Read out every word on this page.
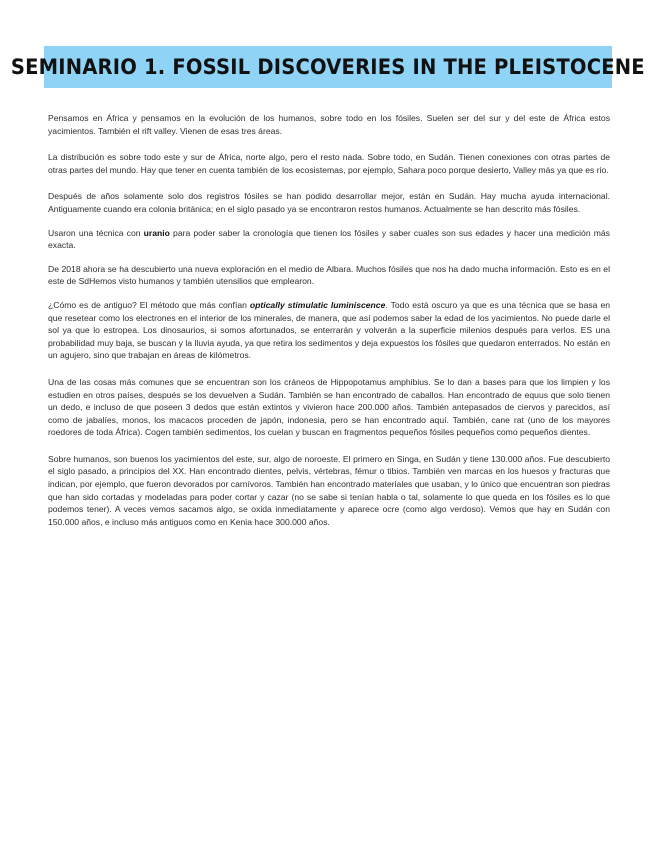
SEMINARIO 1. FOSSIL DISCOVERIES IN THE PLEISTOCENE

Pensamos en África y pensamos en la evolución de los humanos, sobre todo en los fósiles. Suelen ser del sur y del este de África estos yacimientos. También el rift valley. Vienen de esas tres áreas.

La distribución es sobre todo este y sur de África, norte algo, pero el resto nada. Sobre todo, en Sudán. Tienen conexiones con otras partes de otras partes del mundo. Hay que tener en cuenta también de los ecosistemas, por ejemplo, Sahara poco porque desierto, Valley más ya que es rio.

Después de años solamente solo dos registros fósiles se han podido desarrollar mejor, están en Sudán. Hay mucha ayuda internacional. Antiguamente cuando era colonia británica; en el siglo pasado ya se encontraron restos humanos. Actualmente se han descrito más fósiles.

Usaron una técnica con uranio para poder saber la cronología que tienen los fósiles y saber cuales son sus edades y hacer una medición más exacta.

De 2018 ahora se ha descubierto una nueva exploración en el medio de Albara. Muchos fósiles que nos ha dado mucha información. Esto es en el este de SdHemos visto humanos y también utensilios que emplearon.

¿Cómo es de antiguo? El método que más confían optically stimulatic luminiscence. Todo está oscuro ya que es una técnica que se basa en que resetear como los electrones en el interior de los minerales, de manera, que así podemos saber la edad de los yacimientos. No puede darle el sol ya que lo estropea. Los dinosaurios, si somos afortunados, se enterrarán y volverán a la superficie milenios después para verlos. ES una probabilidad muy baja, se buscan y la lluvia ayuda, ya que retira los sedimentos y deja expuestos los fósiles que quedaron enterrados. No están en un agujero, sino que trabajan en áreas de kilómetros.

Una de las cosas más comunes que se encuentran son los cráneos de Hippopotamus amphibius. Se lo dan a bases para que los limpien y los estudien en otros países, después se los devuelven a Sudán. También se han encontrado de caballos. Han encontrado de equus que solo tienen un dedo, e incluso de que poseen 3 dedos que están extintos y vivieron hace 200.000 años. También antepasados de ciervos y parecidos, así como de jabalíes, monos, los macacos proceden de japón, indonesia, pero se han encontrado aquí. También, cane rat (uno de los mayores roedores de toda África). Cogen también sedimentos, los cuelan y buscan en fragmentos pequeños fósiles pequeños como pequeños dientes.

Sobre humanos, son buenos los yacimientos del este, sur, algo de noroeste. El primero en Singa, en Sudán y tiene 130.000 años. Fue descubierto el siglo pasado, a principios del XX. Han encontrado dientes, pelvis, vértebras, fémur o tibios. También ven marcas en los huesos y fracturas que indican, por ejemplo, que fueron devorados por carnívoros. También han encontrado materiales que usaban, y lo único que encuentran son piedras que han sido cortadas y modeladas para poder cortar y cazar (no se sabe si tenían habla o tal, solamente lo que queda en los fósiles es lo que podemos tener). A veces vemos sacamos algo, se oxida inmediatamente y aparece ocre (como algo verdoso). Vemos que hay en Sudán con 150.000 años, e incluso más antiguos como en Kenia hace 300.000 años.
